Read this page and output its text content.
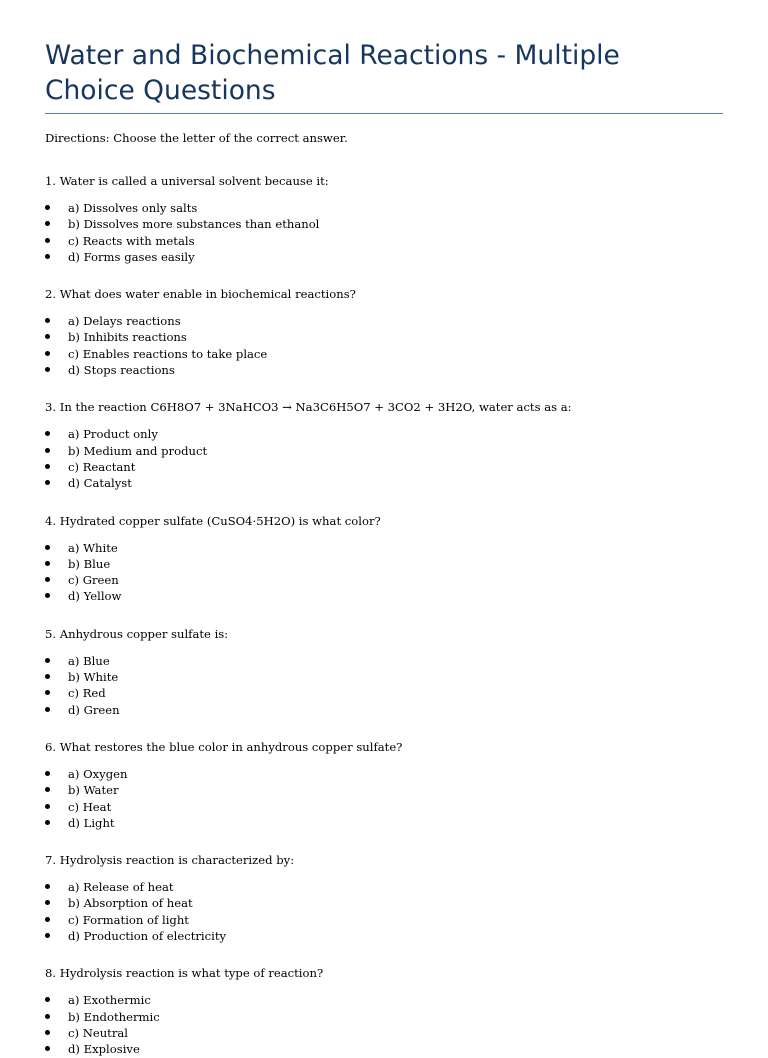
Water and Biochemical Reactions - Multiple Choice Questions

Directions: Choose the letter of the correct answer.

1. Water is called a universal solvent because it:

a) Dissolves only salts
b) Dissolves more substances than ethanol
c) Reacts with metals
d) Forms gases easily

2. What does water enable in biochemical reactions?

a) Delays reactions
b) Inhibits reactions
c) Enables reactions to take place
d) Stops reactions

3. In the reaction C6H8O7 + 3NaHCO3 → Na3C6H5O7 + 3CO2 + 3H2O, water acts as a:

a) Product only
b) Medium and product
c) Reactant
d) Catalyst

4. Hydrated copper sulfate (CuSO4·5H2O) is what color?

a) White
b) Blue
c) Green
d) Yellow

5. Anhydrous copper sulfate is:

a) Blue
b) White
c) Red
d) Green

6. What restores the blue color in anhydrous copper sulfate?

a) Oxygen
b) Water
c) Heat
d) Light

7. Hydrolysis reaction is characterized by:

a) Release of heat
b) Absorption of heat
c) Formation of light
d) Production of electricity

8. Hydrolysis reaction is what type of reaction?

a) Exothermic
b) Endothermic
c) Neutral
d) Explosive
